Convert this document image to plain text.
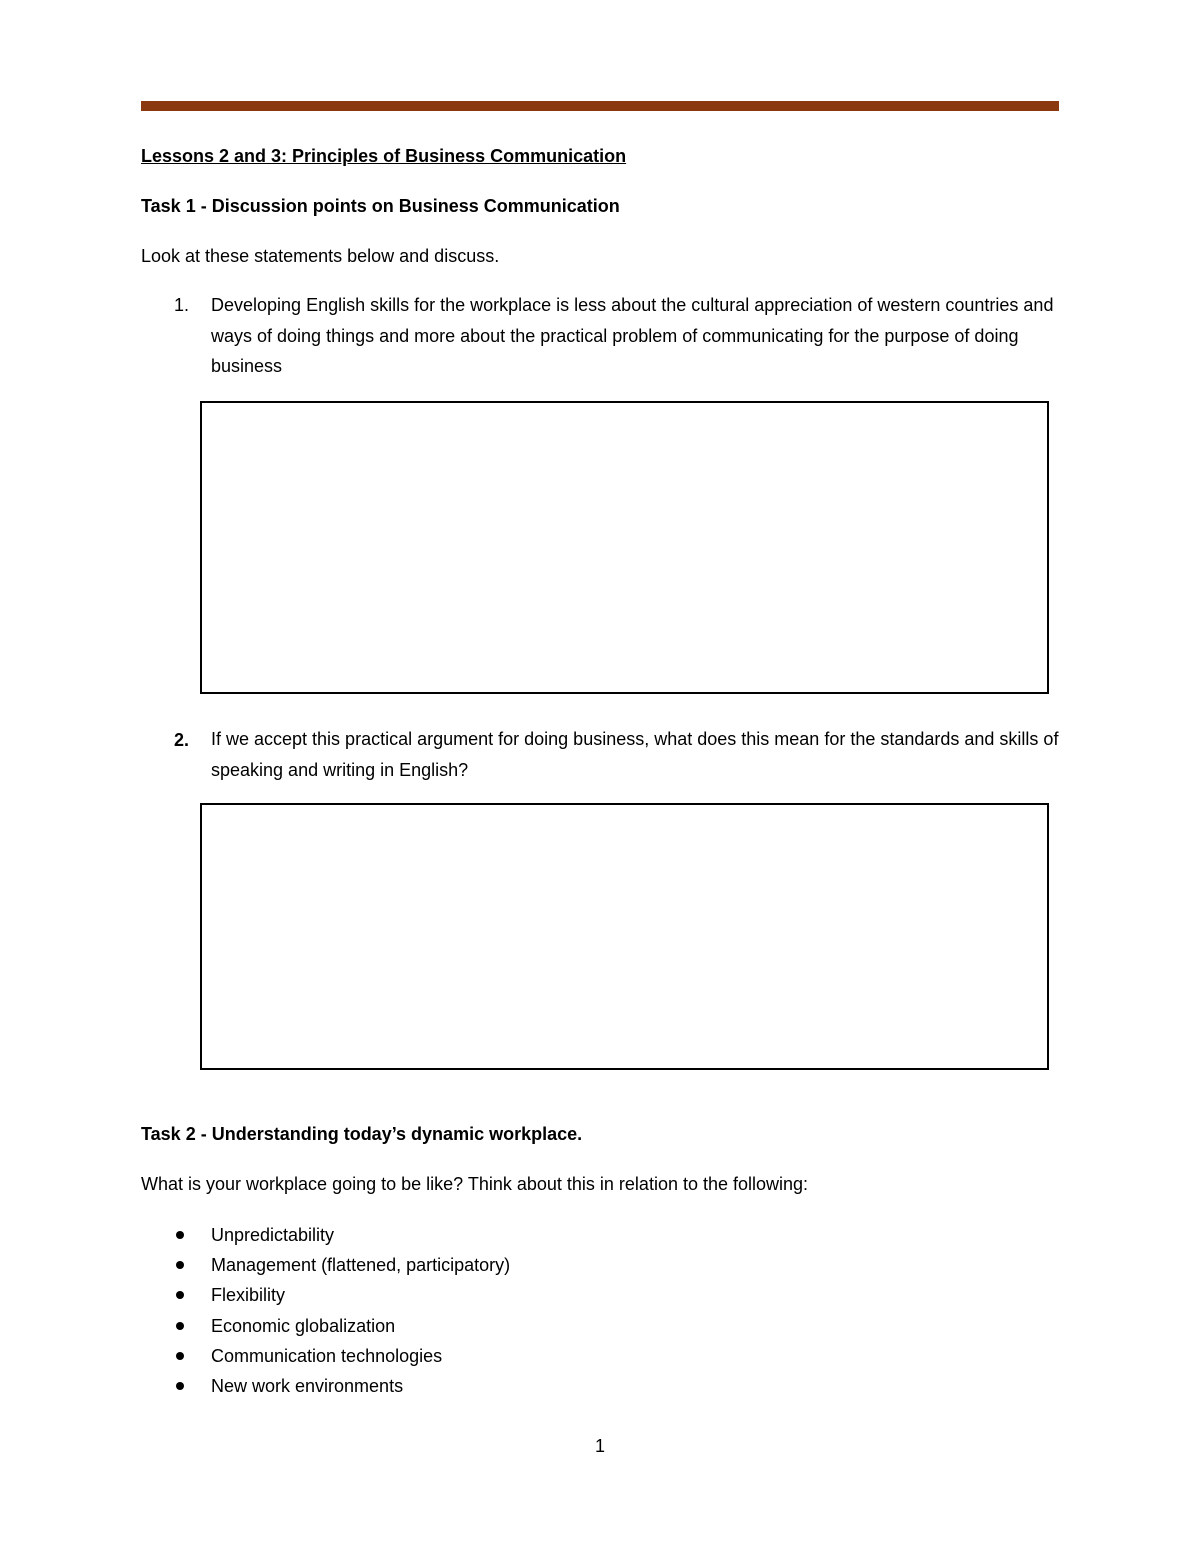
Lessons 2 and 3: Principles of Business Communication
Task 1 - Discussion points on Business Communication
Look at these statements below and discuss.
1. Developing English skills for the workplace is less about the cultural appreciation of western countries and ways of doing things and more about the practical problem of communicating for the purpose of doing business
2. If we accept this practical argument for doing business, what does this mean for the standards and skills of speaking and writing in English?
Task 2 - Understanding today’s dynamic workplace.
What is your workplace going to be like? Think about this in relation to the following:
Unpredictability
Management (flattened, participatory)
Flexibility
Economic globalization
Communication technologies
New work environments
1
